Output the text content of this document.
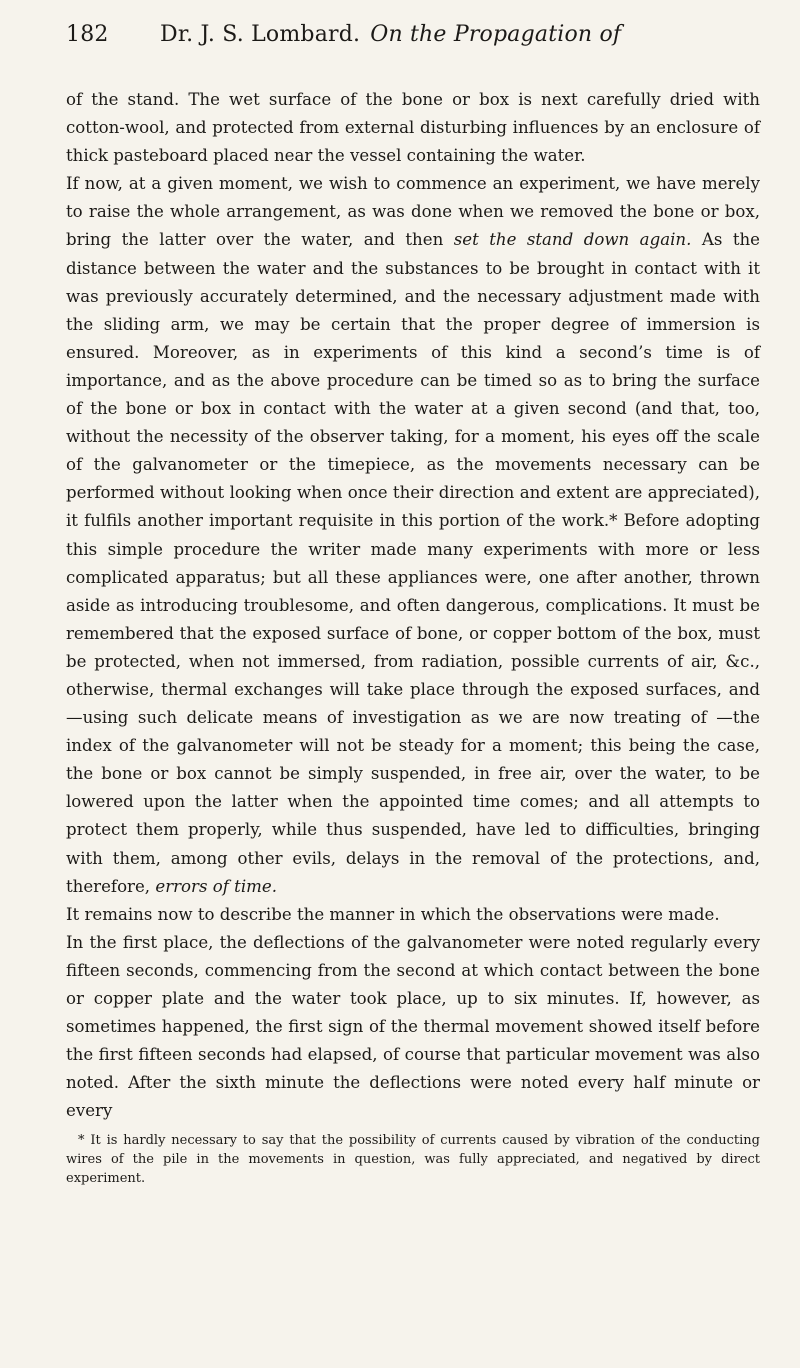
182	Dr. J. S. Lombard. On the Propagation of

of the stand. The wet surface of the bone or box is next carefully dried with cotton-wool, and protected from external disturbing influences by an enclosure of thick pasteboard placed near the vessel containing the water.

If now, at a given moment, we wish to commence an experiment, we have merely to raise the whole arrangement, as was done when we removed the bone or box, bring the latter over the water, and then set the stand down again. As the distance between the water and the substances to be brought in contact with it was previously accurately determined, and the necessary adjustment made with the sliding arm, we may be certain that the proper degree of immersion is ensured. Moreover, as in experiments of this kind a second’s time is of importance, and as the above procedure can be timed so as to bring the surface of the bone or box in contact with the water at a given second (and that, too, without the necessity of the observer taking, for a moment, his eyes off the scale of the galvanometer or the timepiece, as the movements necessary can be performed without looking when once their direction and extent are appreciated), it fulfils another important requisite in this portion of the work.* Before adopting this simple procedure the writer made many experiments with more or less complicated apparatus; but all these appliances were, one after another, thrown aside as introducing troublesome, and often dangerous, complications. It must be remembered that the exposed surface of bone, or copper bottom of the box, must be protected, when not immersed, from radiation, possible currents of air, &c., otherwise, thermal exchanges will take place through the exposed surfaces, and —using such delicate means of investigation as we are now treating of —the index of the galvanometer will not be steady for a moment; this being the case, the bone or box cannot be simply suspended, in free air, over the water, to be lowered upon the latter when the appointed time comes; and all attempts to protect them properly, while thus suspended, have led to difficulties, bringing with them, among other evils, delays in the removal of the protections, and, therefore, errors of time.

It remains now to describe the manner in which the observations were made.

In the first place, the deflections of the galvanometer were noted regularly every fifteen seconds, commencing from the second at which contact between the bone or copper plate and the water took place, up to six minutes. If, however, as sometimes happened, the first sign of the thermal movement showed itself before the first fifteen seconds had elapsed, of course that particular movement was also noted. After the sixth minute the deflections were noted every half minute or every

* It is hardly necessary to say that the possibility of currents caused by vibration of the conducting wires of the pile in the movements in question, was fully appreciated, and negatived by direct experiment.
